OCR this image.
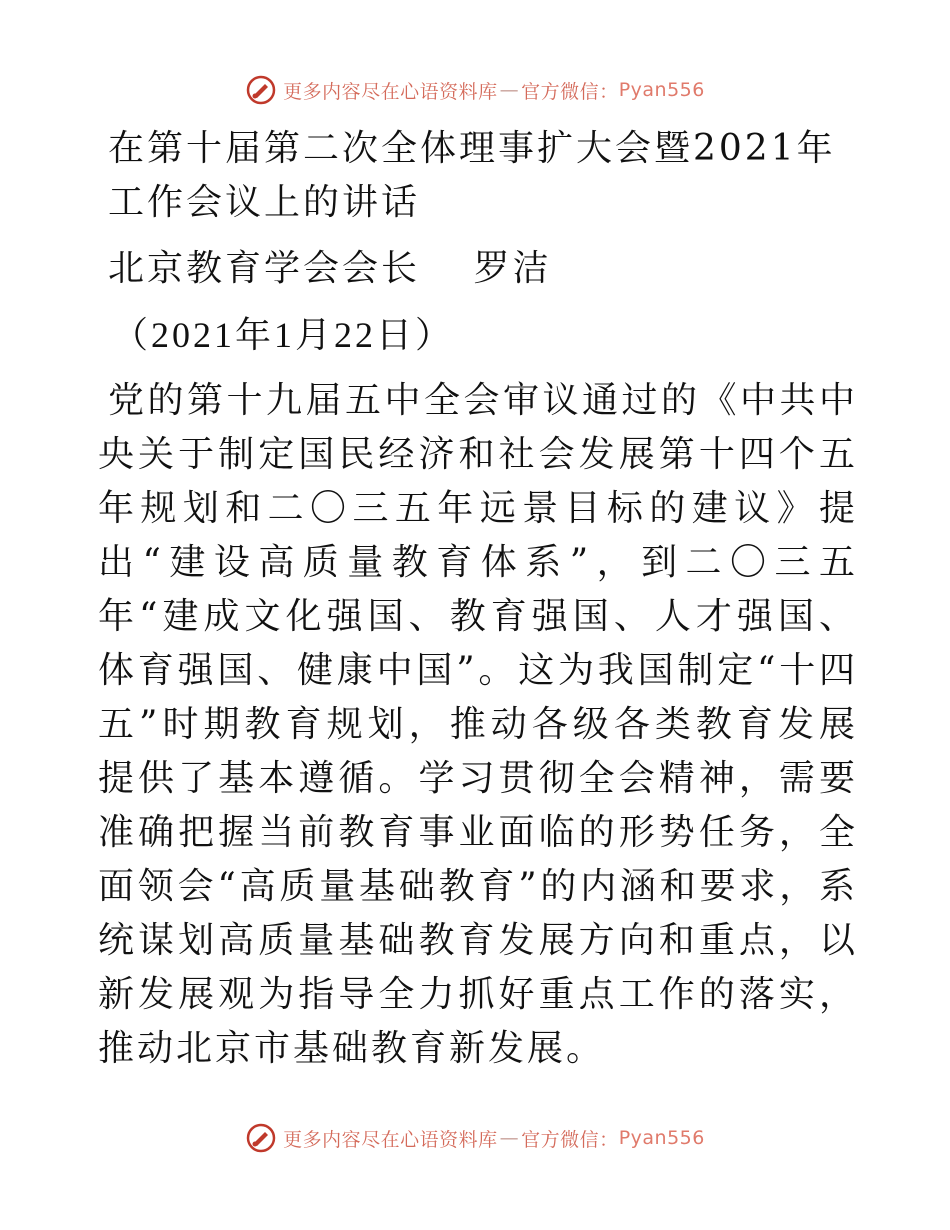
更多内容尽在心语资料库 — 官方微信： Pyan556
在第十届第二次全体理事扩大会暨2021年工作会议上的讲话

北京教育学会会长　 罗洁

（2021年1月22日）

党的第十九届五中全会审议通过的《中共中央关于制定国民经济和社会发展第十四个五年规划和二〇三五年远景目标的建议》提出“建设高质量教育体系”，到二〇三五年“建成文化强国、教育强国、人才强国、体育强国、健康中国”。这为我国制定“十四五”时期教育规划，推动各级各类教育发展提供了基本遵循。学习贯彻全会精神，需要准确把握当前教育事业面临的形势任务，全面领会“高质量基础教育”的内涵和要求，系统谋划高质量基础教育发展方向和重点，以新发展观为指导全力抓好重点工作的落实，推动北京市基础教育新发展。

更多内容尽在心语资料库 — 官方微信： Pyan556
